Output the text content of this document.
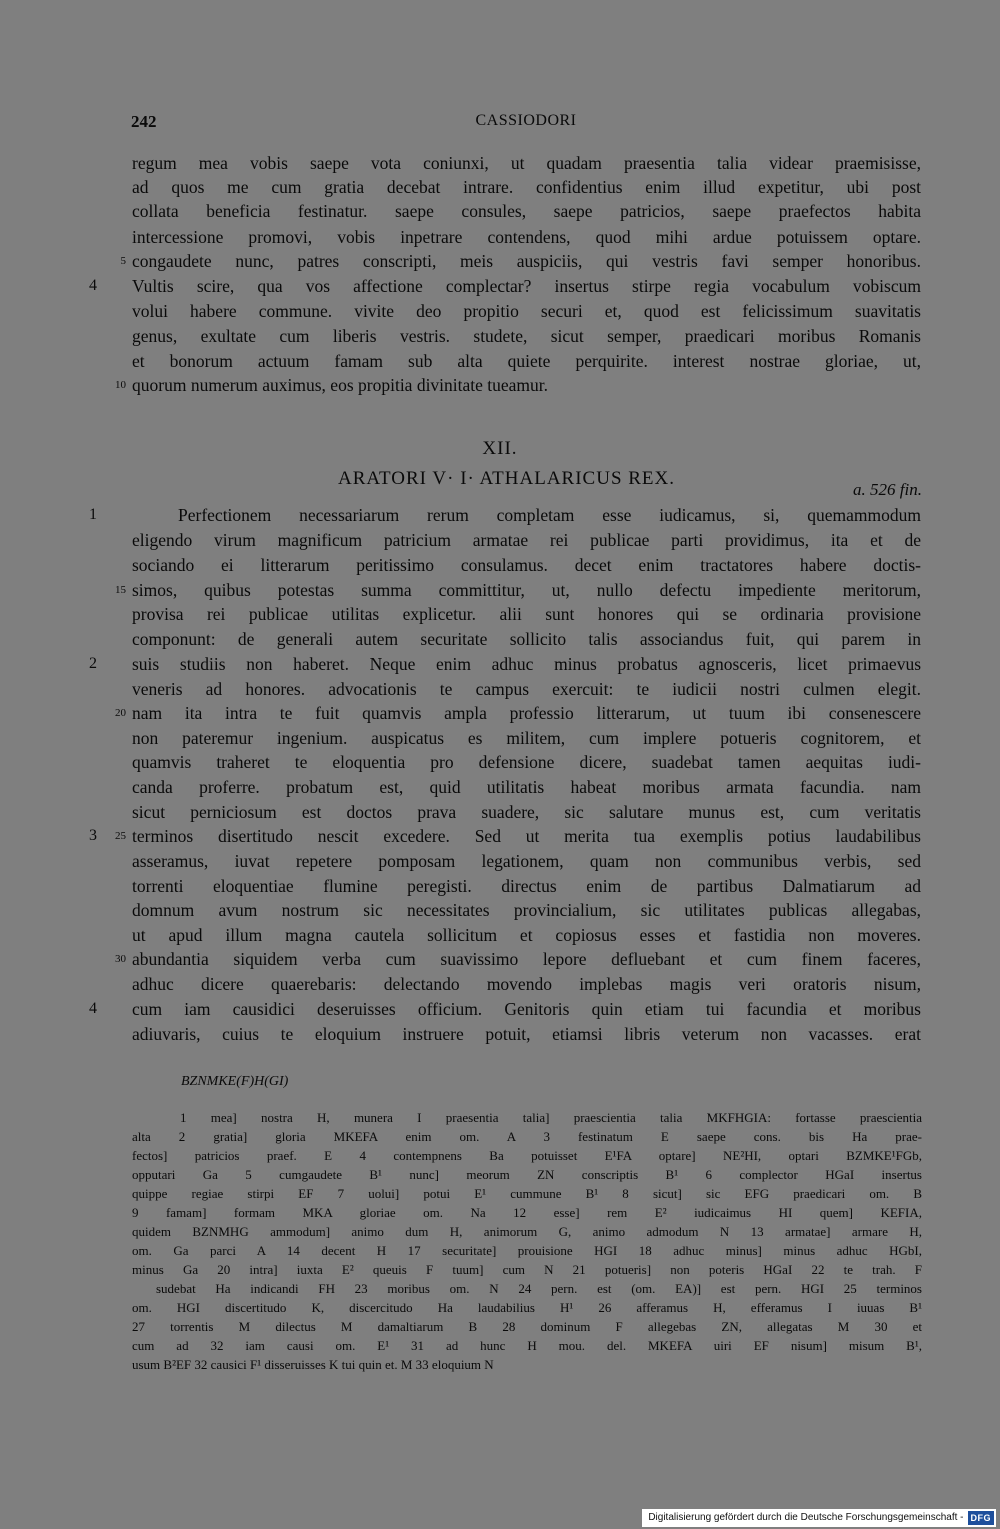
242	CASSIODORI
regum mea vobis saepe vota coniunxi, ut quadam praesentia talia videar praemisisse,
ad quos me cum gratia decebat intrare. confidentius enim illud expetitur, ubi post
collata beneficia festinatur. saepe consules, saepe patricios, saepe praefectos habita
intercessione promovi, vobis inpetrare contendens, quod mihi ardue potuissem optare.
5 congaudete nunc, patres conscripti, meis auspiciis, qui vestris favi semper honoribus.
4 Vultis scire, qua vos affectione complectar? insertus stirpe regia vocabulum vobiscum
volui habere commune. vivite deo propitio securi et, quod est felicissimum suavitatis
genus, exultate cum liberis vestris. studete, sicut semper, praedicari moribus Romanis
et bonorum actuum famam sub alta quiete perquirite. interest nostrae gloriae, ut,
10 quorum numerum auximus, eos propitia divinitate tueamur.
XII.
ARATORI V· I· ATHALARICUS REX.
a. 526 fin.
1	Perfectionem necessariarum rerum completam esse iudicamus, si, quemammodum
eligendo virum magnificum patricium armatae rei publicae parti providimus, ita et de
sociando ei litterarum peritissimo consulamus. decet enim tractatores habere doctis-
15 simos, quibus potestas summa committitur, ut, nullo defectu impediente meritorum,
provisa rei publicae utilitas explicetur. alii sunt honores qui se ordinaria provisione
componunt: de generali autem securitate sollicito talis associandus fuit, qui parem in
2 suis studiis non haberet. Neque enim adhuc minus probatus agnosceris, licet primaevus
veneris ad honores. advocationis te campus exercuit: te iudicii nostri culmen elegit.
20 nam ita intra te fuit quamvis ampla professio litterarum, ut tuum ibi consenescere
non pateremur ingenium. auspicatus es militem, cum implere potueris cognitorem, et
quamvis traheret te eloquentia pro defensione dicere, suadebat tamen aequitas iudi-
canda proferre. probatum est, quid utilitatis habeat moribus armata facundia. nam
sicut perniciosum est doctos prava suadere, sic salutare munus est, cum veritatis
3	25 terminos disertitudo nescit excedere. Sed ut merita tua exemplis potius laudabilibus
asseramus, iuvat repetere pomposam legationem, quam non communibus verbis, sed
torrenti eloquentiae flumine peregisti. directus enim de partibus Dalmatiarum ad
domnum avum nostrum sic necessitates provincialium, sic utilitates publicas allegabas,
ut apud illum magna cautela sollicitum et copiosus esses et fastidia non moveres.
30 abundantia siquidem verba cum suavissimo lepore defluebant et cum finem faceres,
adhuc dicere quaerebaris: delectando movendo implebas magis veri oratoris nisum,
4 cum iam causidici deseruisses officium. Genitoris quin etiam tui facundia et moribus
adiuvaris, cuius te eloquium instruere potuit, etiamsi libris veterum non vacasses. erat
BZNMKE(F)H(GI)
1 mea] nostra H, munera I praesentia talia] praescientia talia MKFHGIA: fortasse praescientia
alta 2 gratia] gloria MKEFA enim om. A 3 festinatum E saepe cons. bis Ha prae-
fectos] patricios praef. E 4 contempnens Ba potuisset E¹FA optare] NE²HI, optari BZMKE¹FGb,
opputari Ga 5 cumgaudete B¹ nunc] meorum ZN conscriptis B¹ 6 complector HGaI insertus
quippe regiae stirpi EF 7 uolui] potui E¹ cummune B¹ 8 sicut] sic EFG praedicari om. B
9 famam] formam MKA gloriae om. Na 12 esse] rem E² iudicaimus HI quem] KEFIA,
quidem BZNMHG ammodum] animo dum H, animorum G, animo admodum N 13 armatae] armare H,
om. Ga parci A 14 decent H 17 securitate] prouisione HGI 18 adhuc minus] minus adhuc HGbI,
minus Ga 20 intra] iuxta E² queuis F tuum] cum N 21 potueris] non poteris HGaI 22 te trah. F
sudebat Ha indicandi FH 23 moribus om. N 24 pern. est (om. EA)] est pern. HGI 25 terminos
om. HGI discertitudo K, discercitudo Ha laudabilius H¹ 26 afferamus H, efferamus I iuuas B¹
27 torrentis M dilectus M damaltiarum B 28 dominum F allegebas ZN, allegatas M 30 et
cum ad 32 iam causi om. E¹ 31 ad hunc H mou. del. MKEFA uiri EF nisum] misum B¹,
usum B²EF 32 causici F¹ disseruisses K tui quin et. M 33 eloquium N
Digitalisierung gefördert durch die Deutsche Forschungsgemeinschaft - DFG
